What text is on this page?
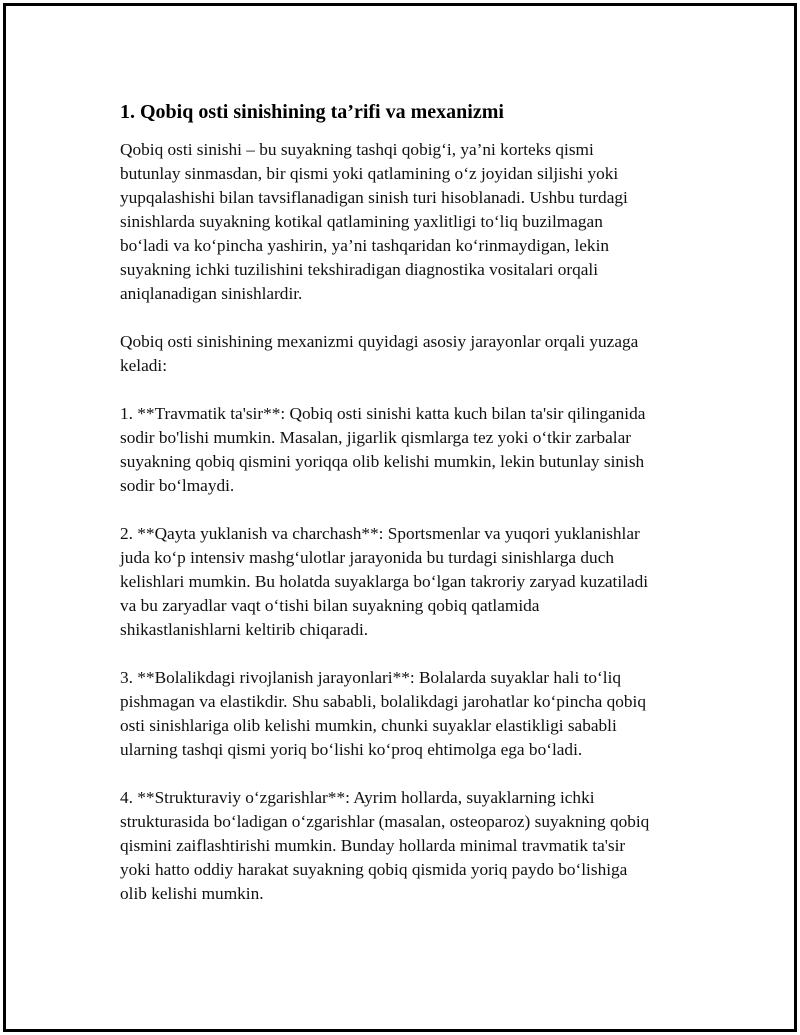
1. Qobiq osti sinishining ta’rifi va mexanizmi

Qobiq osti sinishi – bu suyakning tashqi qobig‘i, ya’ni korteks qismi
butunlay sinmasdan, bir qismi yoki qatlamining o‘z joyidan siljishi yoki
yupqalashishi bilan tavsiflanadigan sinish turi hisoblanadi. Ushbu turdagi
sinishlarda suyakning kotikal qatlamining yaxlitligi to‘liq buzilmagan
bo‘ladi va ko‘pincha yashirin, ya’ni tashqaridan ko‘rinmaydigan, lekin
suyakning ichki tuzilishini tekshiradigan diagnostika vositalari orqali
aniqlanadigan sinishlardir.

Qobiq osti sinishining mexanizmi quyidagi asosiy jarayonlar orqali yuzaga
keladi:

1. **Travmatik ta'sir**: Qobiq osti sinishi katta kuch bilan ta'sir qilinganida
sodir bo'lishi mumkin. Masalan, jigarlik qismlarga tez yoki o‘tkir zarbalar
suyakning qobiq qismini yoriqqa olib kelishi mumkin, lekin butunlay sinish
sodir bo‘lmaydi.

2. **Qayta yuklanish va charchash**: Sportsmenlar va yuqori yuklanishlar
juda ko‘p intensiv mashg‘ulotlar jarayonida bu turdagi sinishlarga duch
kelishlari mumkin. Bu holatda suyaklarga bo‘lgan takroriy zaryad kuzatiladi
va bu zaryadlar vaqt o‘tishi bilan suyakning qobiq qatlamida
shikastlanishlarni keltirib chiqaradi.

3. **Bolalikdagi rivojlanish jarayonlari**: Bolalarda suyaklar hali to‘liq
pishmagan va elastikdir. Shu sababli, bolalikdagi jarohatlar ko‘pincha qobiq
osti sinishlariga olib kelishi mumkin, chunki suyaklar elastikligi sababli
ularning tashqi qismi yoriq bo‘lishi ko‘proq ehtimolga ega bo‘ladi.

4. **Strukturaviy o‘zgarishlar**: Ayrim hollarda, suyaklarning ichki
strukturasida bo‘ladigan o‘zgarishlar (masalan, osteoparoz) suyakning qobiq
qismini zaiflashtirishi mumkin. Bunday hollarda minimal travmatik ta'sir
yoki hatto oddiy harakat suyakning qobiq qismida yoriq paydo bo‘lishiga
olib kelishi mumkin.
